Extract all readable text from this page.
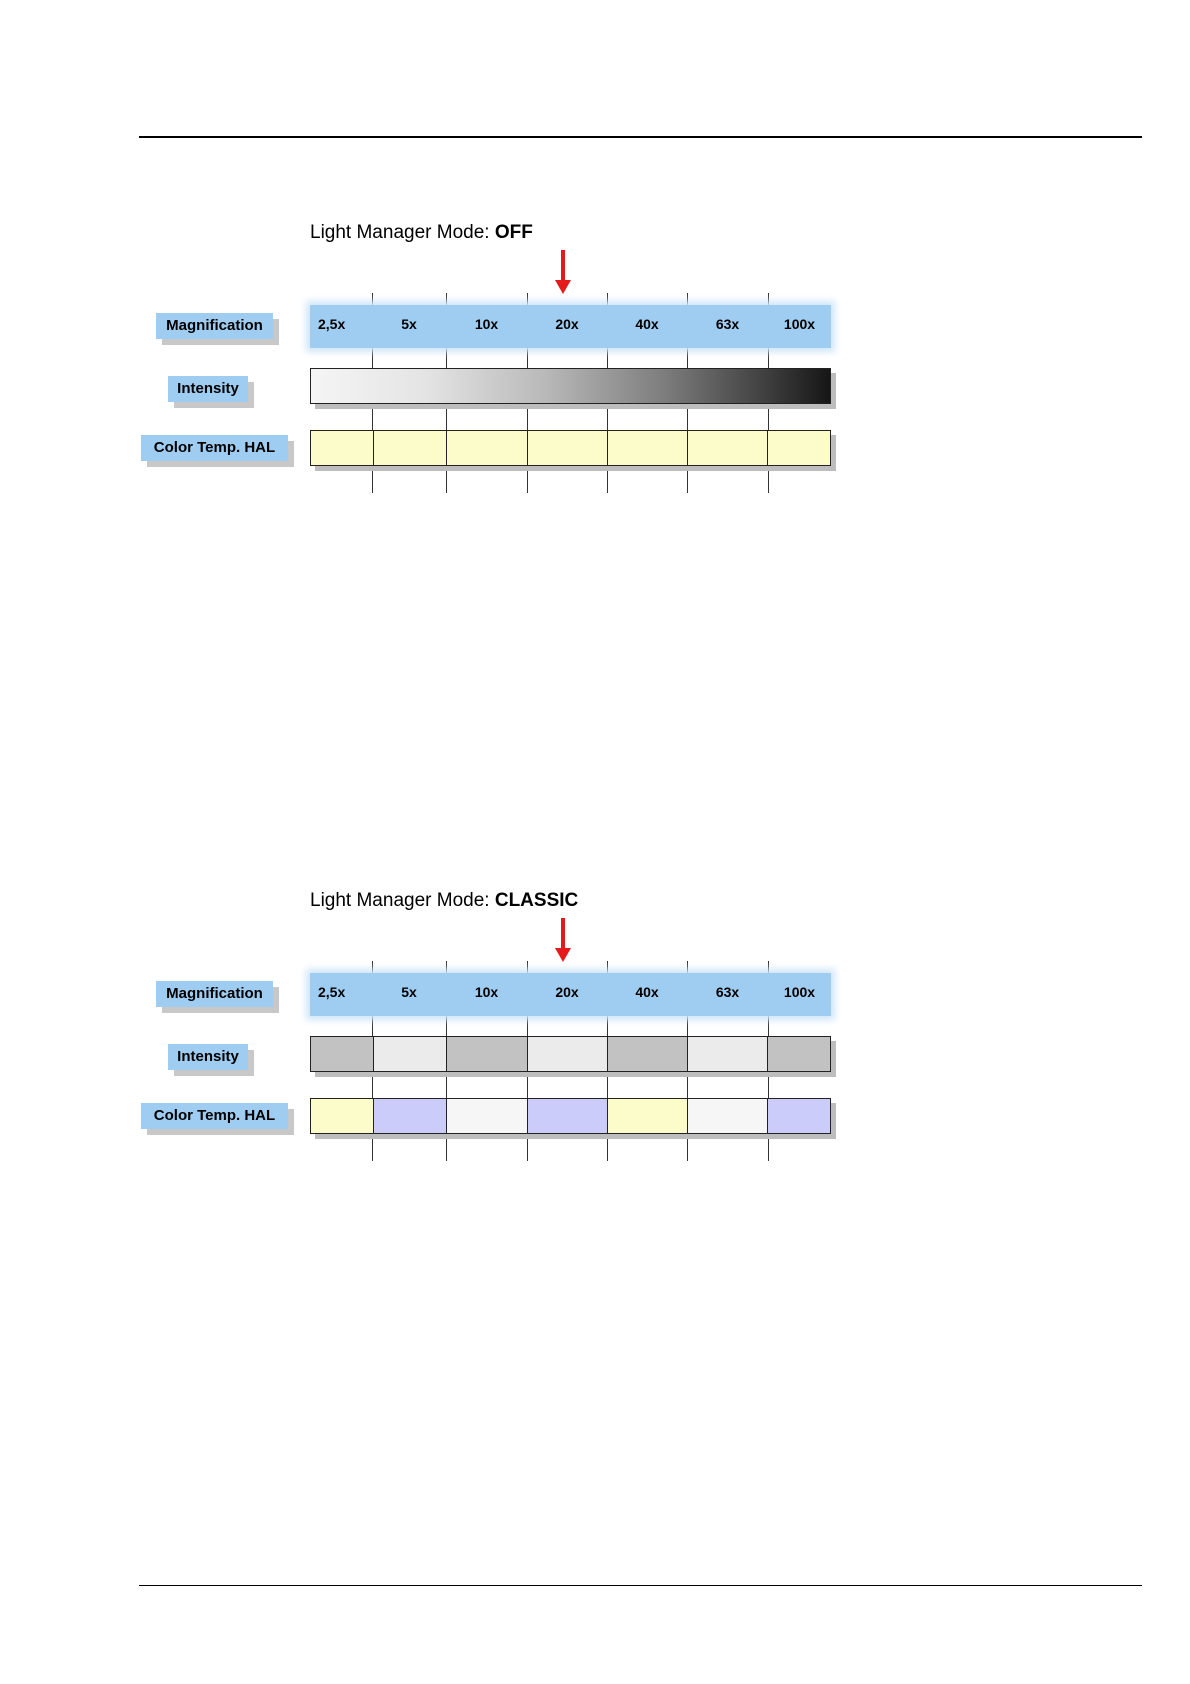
Light Manager Mode: OFF
Magnification
Intensity
Color Temp. HAL
2,5x	5x	10x	20x	40x	63x	100x
Light Manager Mode: CLASSIC
Magnification
Intensity
Color Temp. HAL
2,5x	5x	10x	20x	40x	63x	100x
